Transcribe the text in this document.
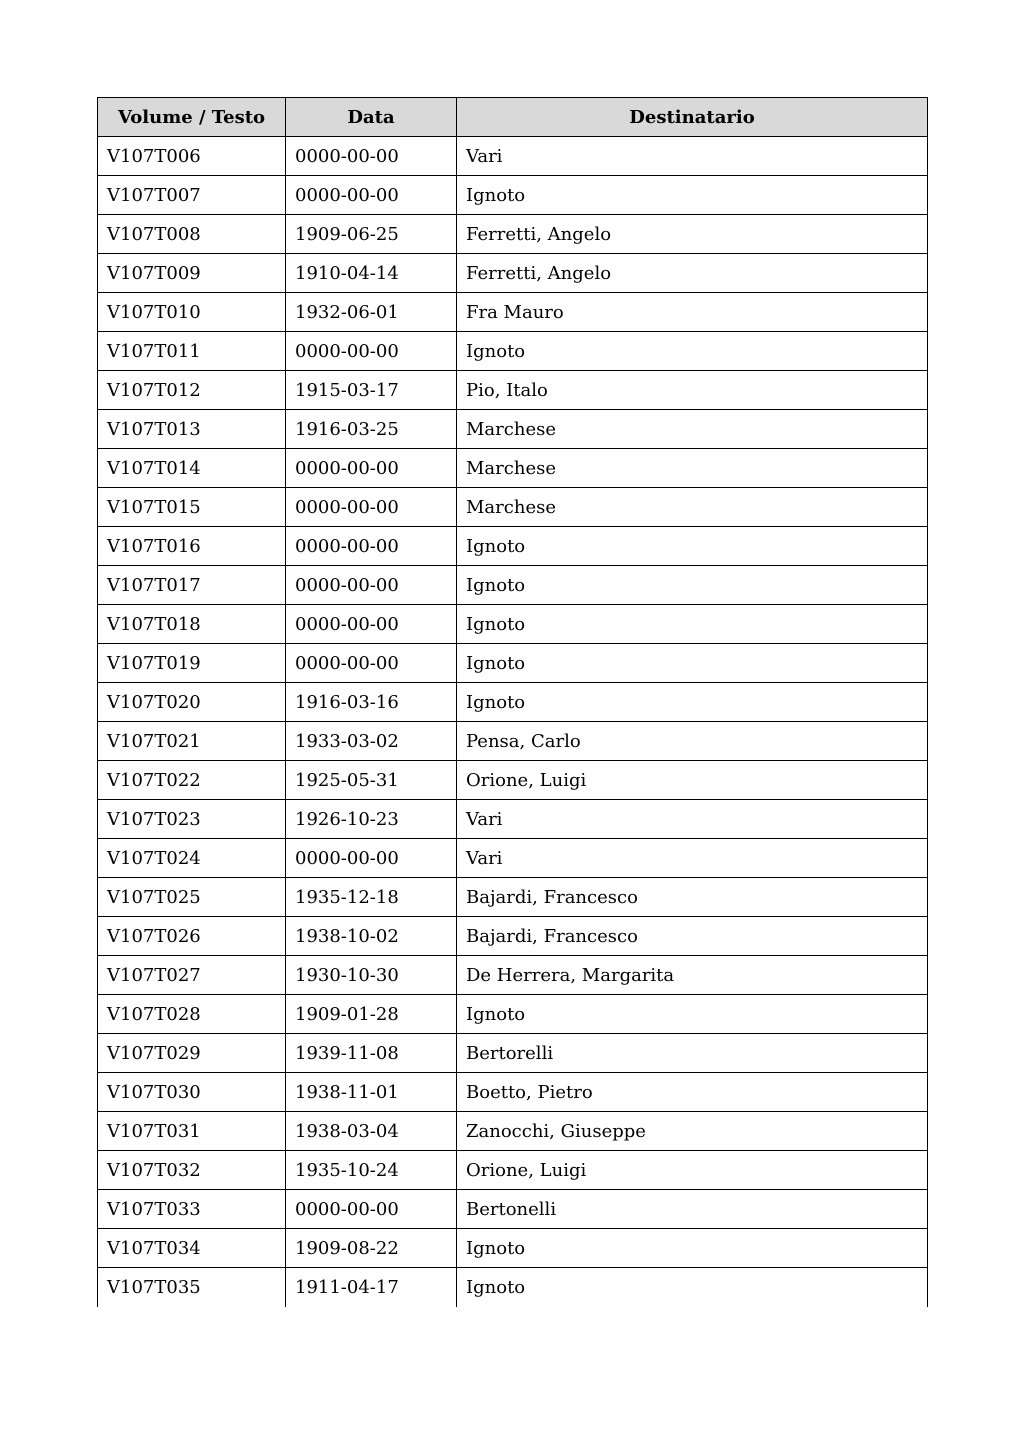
Volume / Testo	Data	Destinatario
V107T006	0000-00-00	Vari
V107T007	0000-00-00	Ignoto
V107T008	1909-06-25	Ferretti, Angelo
V107T009	1910-04-14	Ferretti, Angelo
V107T010	1932-06-01	Fra Mauro
V107T011	0000-00-00	Ignoto
V107T012	1915-03-17	Pio, Italo
V107T013	1916-03-25	Marchese
V107T014	0000-00-00	Marchese
V107T015	0000-00-00	Marchese
V107T016	0000-00-00	Ignoto
V107T017	0000-00-00	Ignoto
V107T018	0000-00-00	Ignoto
V107T019	0000-00-00	Ignoto
V107T020	1916-03-16	Ignoto
V107T021	1933-03-02	Pensa, Carlo
V107T022	1925-05-31	Orione, Luigi
V107T023	1926-10-23	Vari
V107T024	0000-00-00	Vari
V107T025	1935-12-18	Bajardi, Francesco
V107T026	1938-10-02	Bajardi, Francesco
V107T027	1930-10-30	De Herrera, Margarita
V107T028	1909-01-28	Ignoto
V107T029	1939-11-08	Bertorelli
V107T030	1938-11-01	Boetto, Pietro
V107T031	1938-03-04	Zanocchi, Giuseppe
V107T032	1935-10-24	Orione, Luigi
V107T033	0000-00-00	Bertonelli
V107T034	1909-08-22	Ignoto
V107T035	1911-04-17	Ignoto
